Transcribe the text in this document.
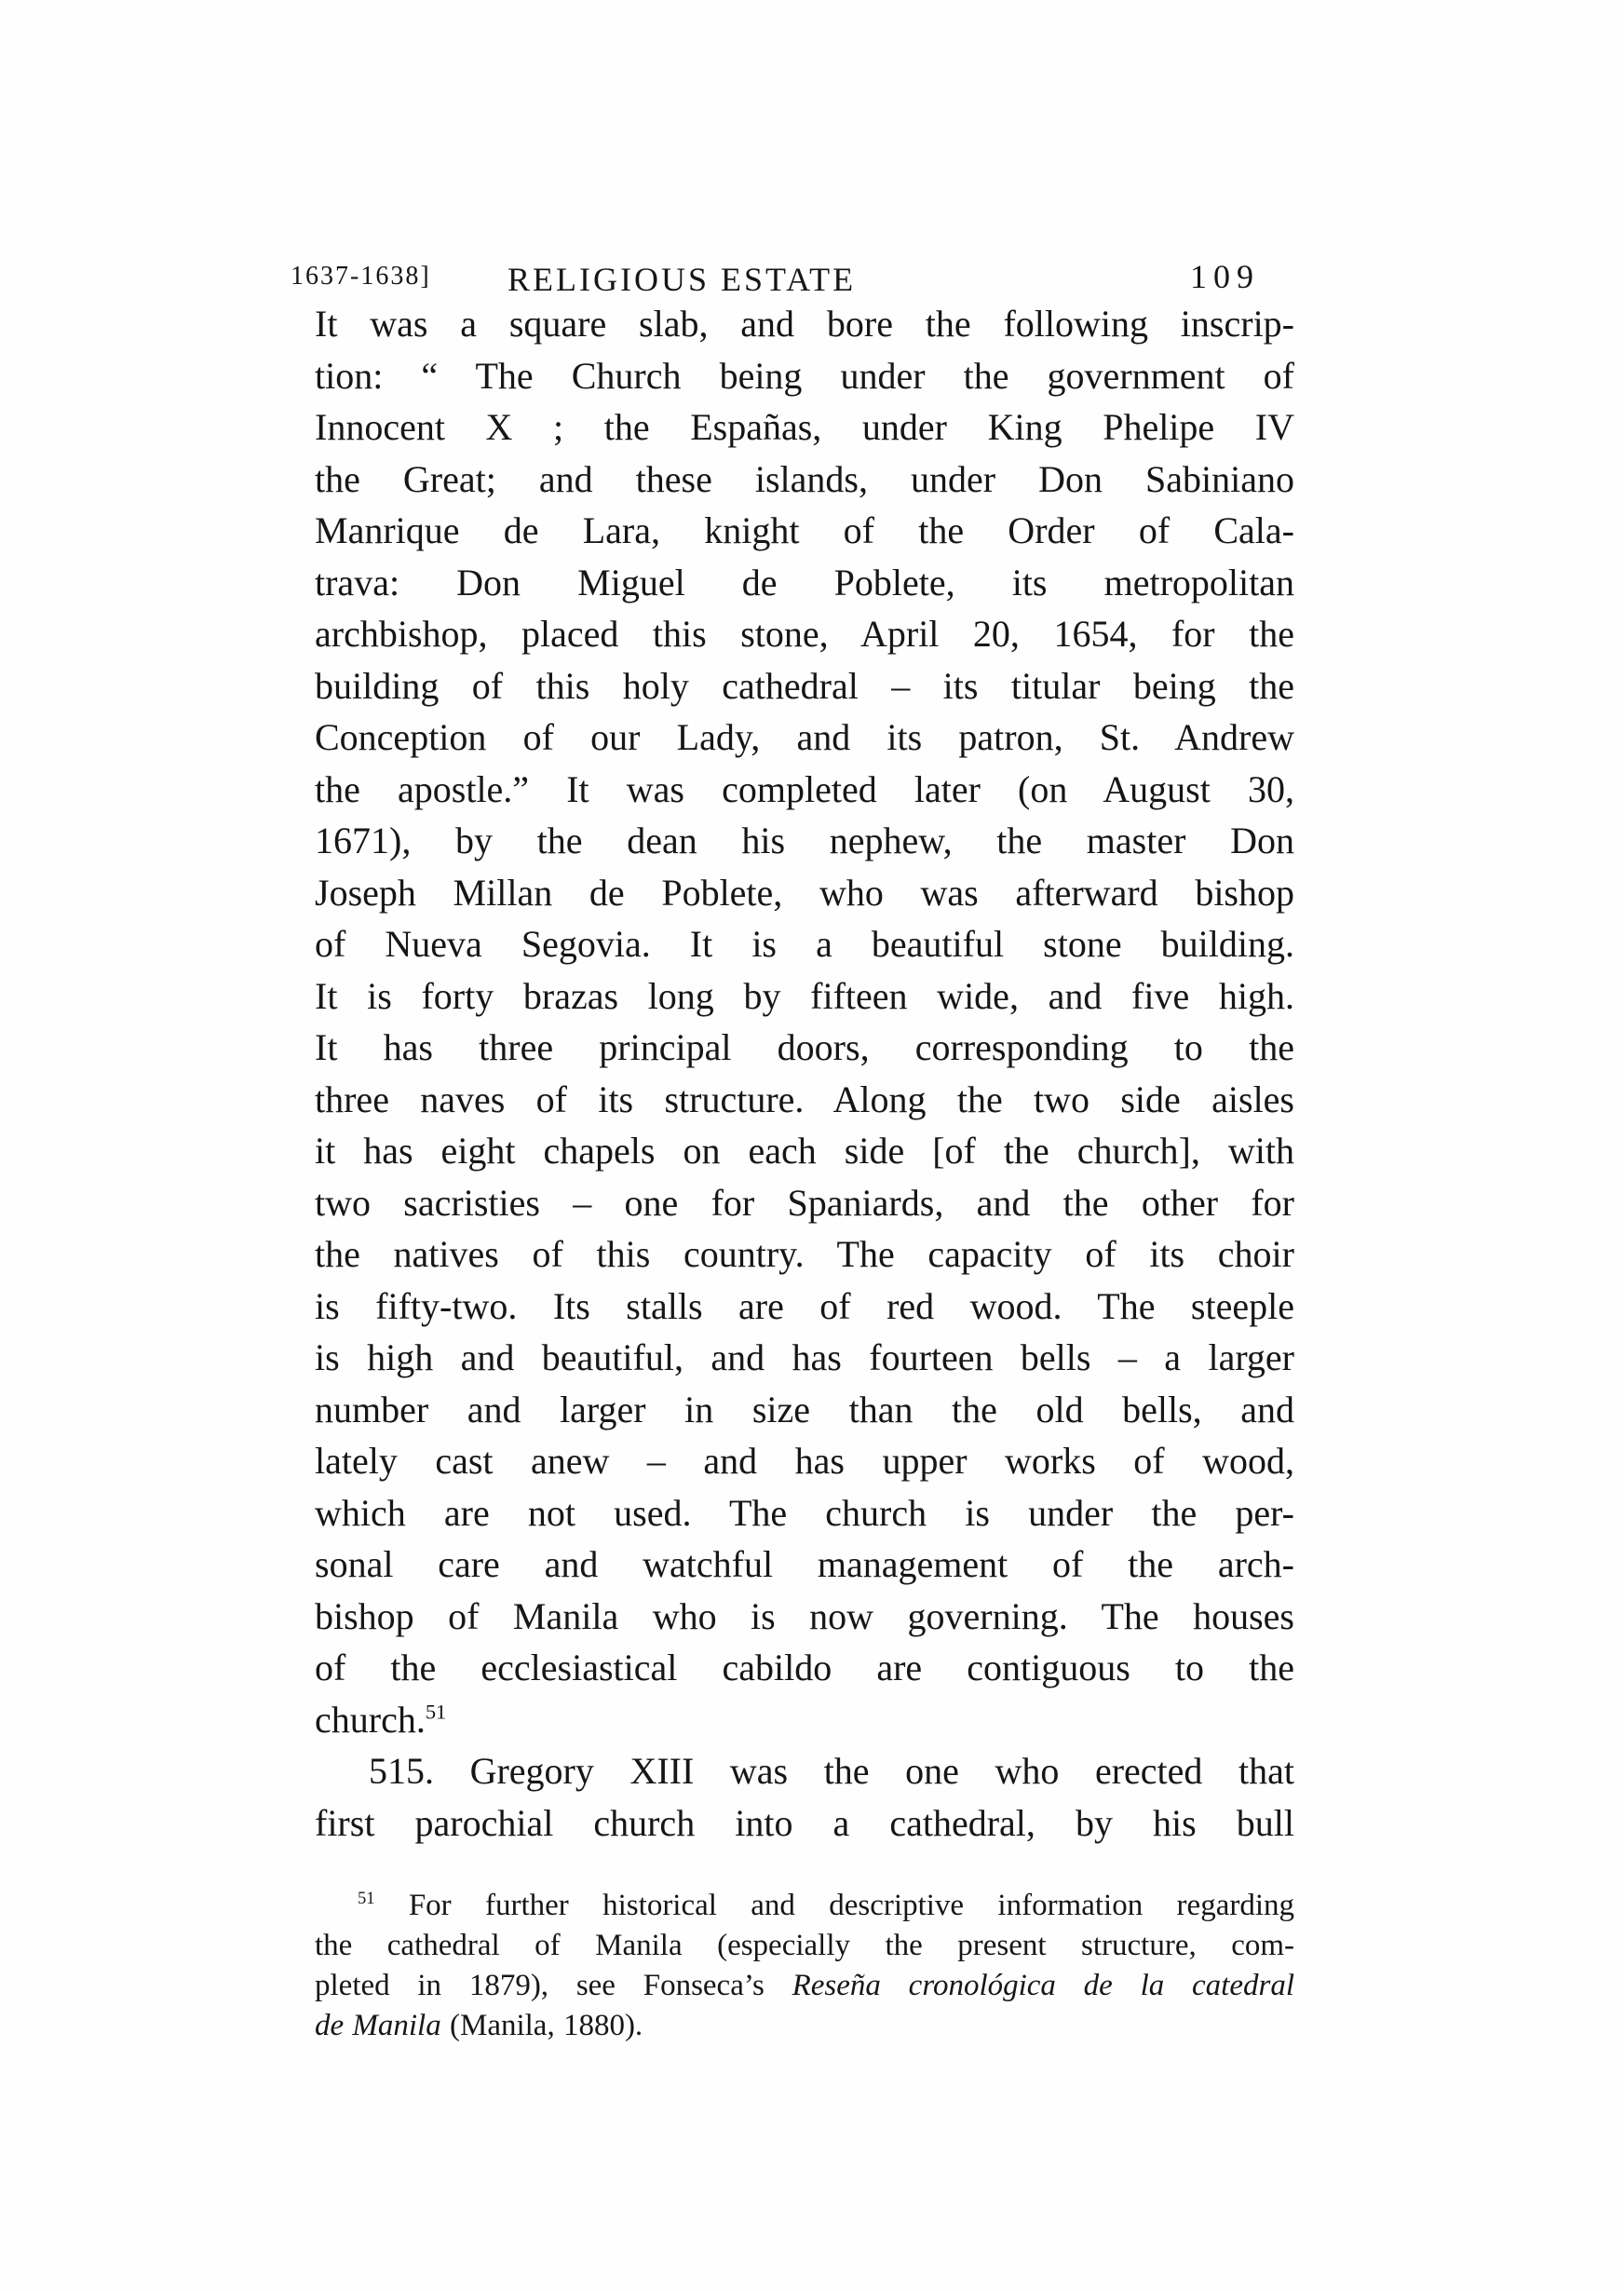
1637-1638] RELIGIOUS ESTATE	109
It was a square slab, and bore the following inscrip-
tion: “ The Church being under the government of
Innocent X ; the Españas, under King Phelipe IV
the Great; and these islands, under Don Sabiniano
Manrique de Lara, knight of the Order of Cala-
trava: Don Miguel de Poblete, its metropolitan
archbishop, placed this stone, April 20, 1654, for the
building of this holy cathedral – its titular being the
Conception of our Lady, and its patron, St. Andrew
the apostle.” It was completed later (on August 30,
1671), by the dean his nephew, the master Don
Joseph Millan de Poblete, who was afterward bishop
of Nueva Segovia. It is a beautiful stone building.
It is forty brazas long by fifteen wide, and five high.
It has three principal doors, corresponding to the
three naves of its structure. Along the two side aisles
it has eight chapels on each side [of the church], with
two sacristies – one for Spaniards, and the other for
the natives of this country. The capacity of its choir
is fifty-two. Its stalls are of red wood. The steeple
is high and beautiful, and has fourteen bells – a larger
number and larger in size than the old bells, and
lately cast anew – and has upper works of wood,
which are not used. The church is under the per-
sonal care and watchful management of the arch-
bishop of Manila who is now governing. The houses
of the ecclesiastical cabildo are contiguous to the
church.$^{51}$
515. Gregory XIII was the one who erected that
first parochial church into a cathedral, by his bull
$^{51}$ For further historical and descriptive information regarding
the cathedral of Manila (especially the present structure, com-
pleted in 1879), see Fonseca’s Reseña cronológica de la catedral
de Manila (Manila, 1880).
